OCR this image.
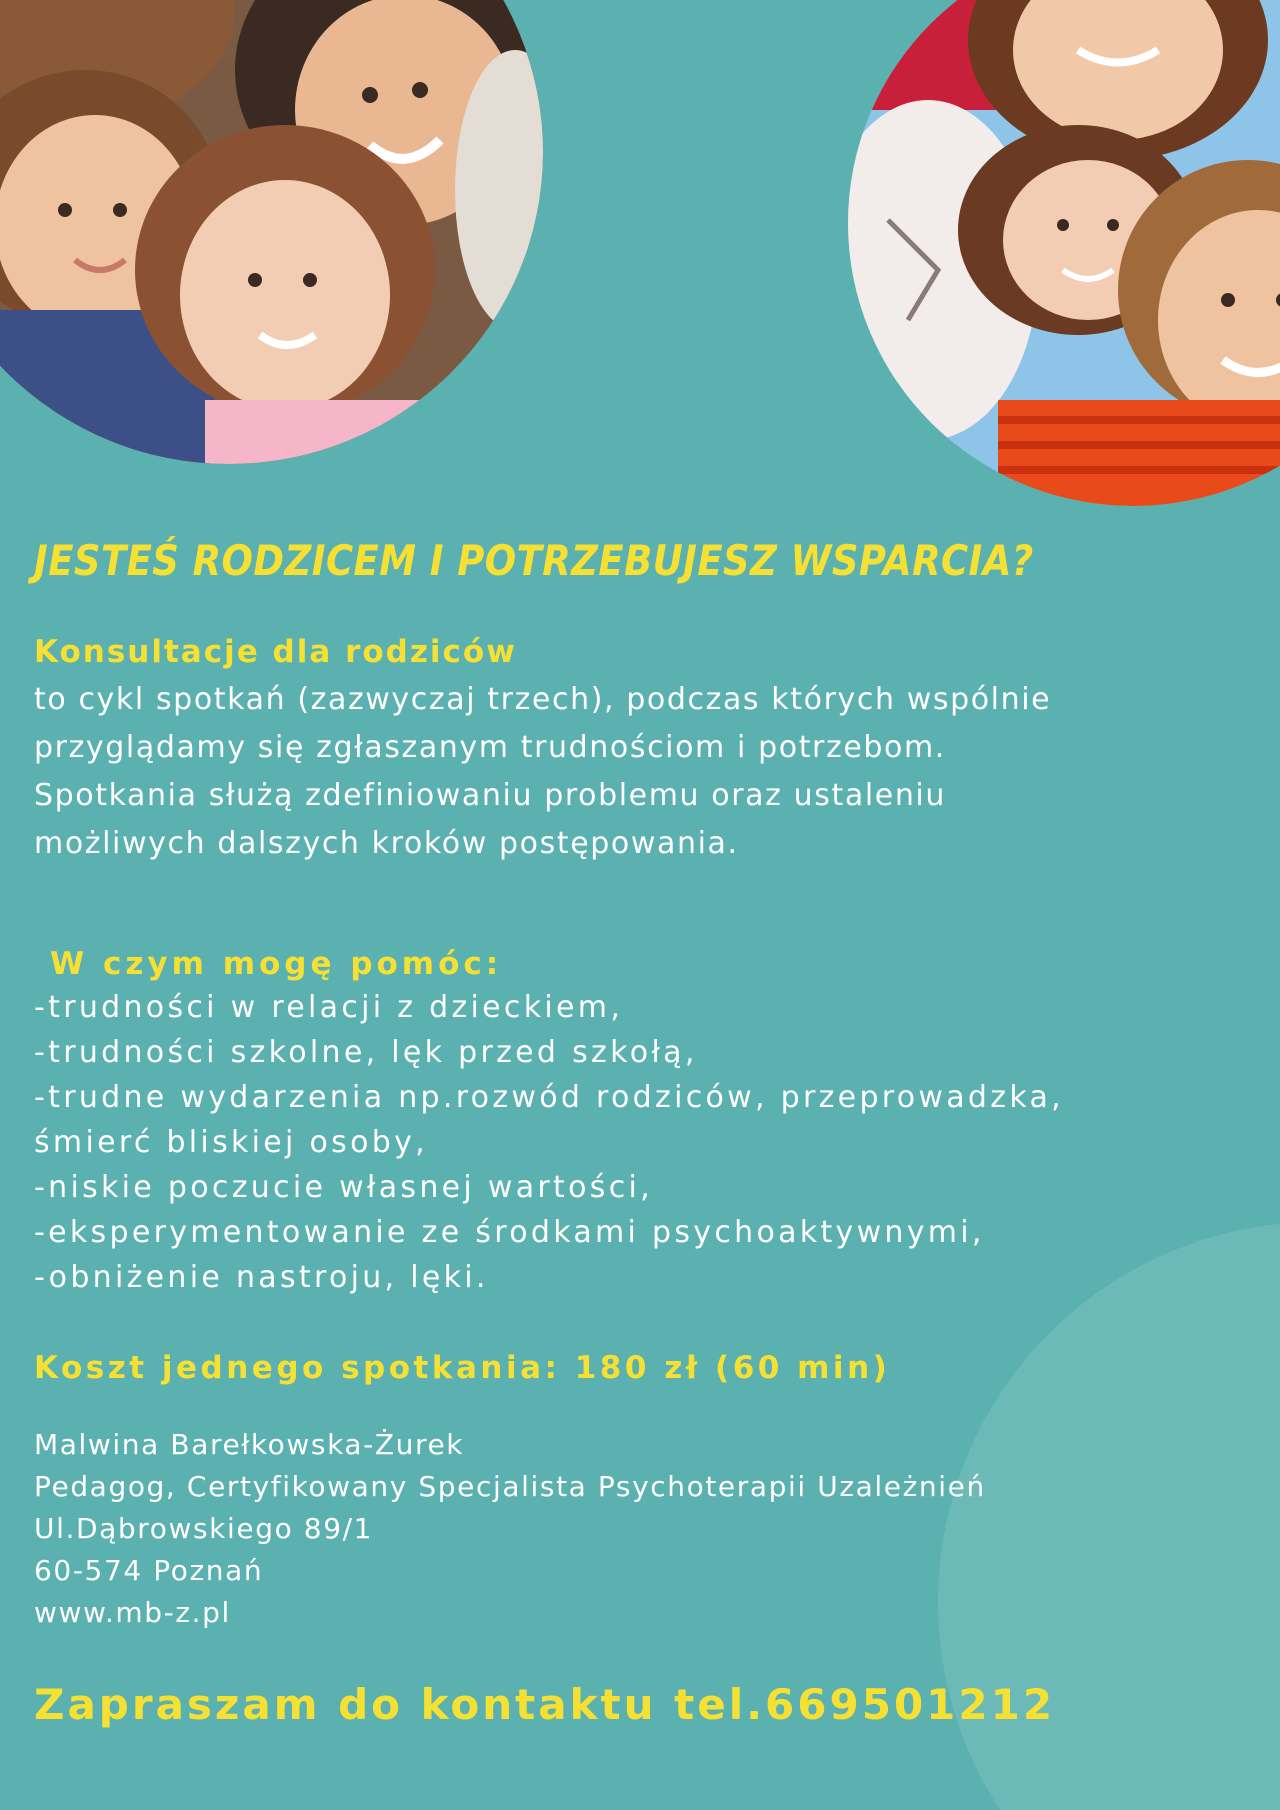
JESTEŚ RODZICEM I POTRZEBUJESZ WSPARCIA?
Konsultacje dla rodziców
to cykl spotkań (zazwyczaj trzech), podczas których wspólnie
przyglądamy się zgłaszanym trudnościom i potrzebom.
Spotkania służą zdefiniowaniu problemu oraz ustaleniu
możliwych dalszych kroków postępowania.
W czym mogę pomóc:
-trudności w relacji z dzieckiem,
-trudności szkolne, lęk przed szkołą,
-trudne wydarzenia np.rozwód rodziców, przeprowadzka,
śmierć bliskiej osoby,
-niskie poczucie własnej wartości,
-eksperymentowanie ze środkami psychoaktywnymi,
-obniżenie nastroju, lęki.
Koszt jednego spotkania: 180 zł (60 min)
Malwina Barełkowska-Żurek
Pedagog, Certyfikowany Specjalista Psychoterapii Uzależnień
Ul.Dąbrowskiego 89/1
60-574 Poznań
www.mb-z.pl
Zapraszam do kontaktu tel.669501212
